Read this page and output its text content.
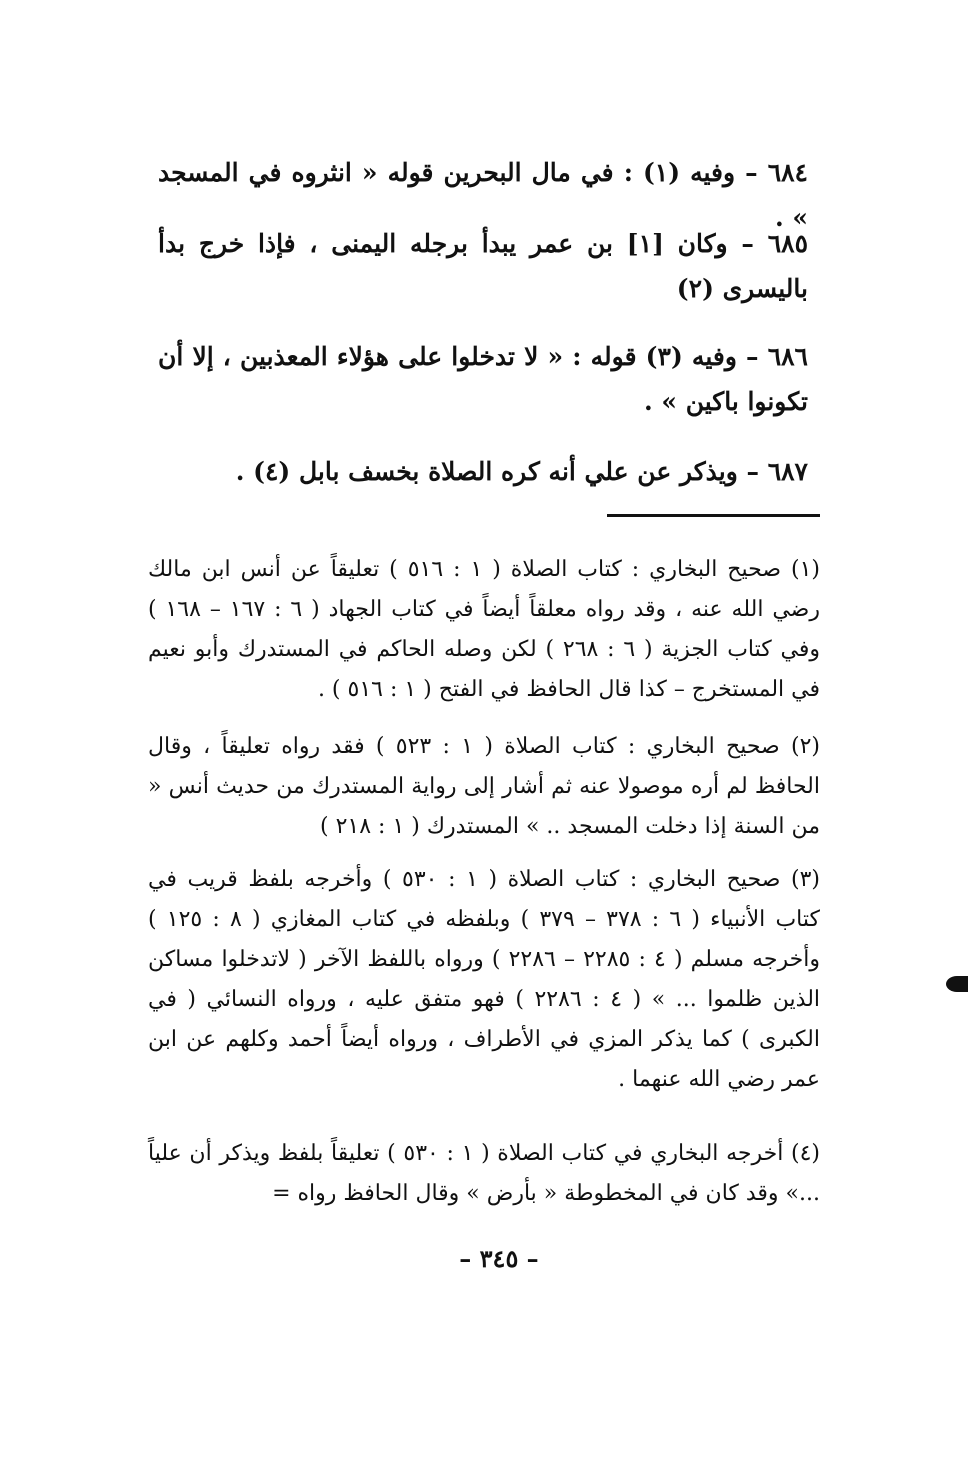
٦٨٤ – وفيه (١) : في مال البحرين قوله « انثروه في المسجد » .

٦٨٥ – وكان [١] بن عمر يبدأ برجله اليمنى ، فإذا خرج بدأ باليسرى (٢)

٦٨٦ – وفيه (٣) قوله : « لا تدخلوا على هؤلاء المعذبين ، إلا أن تكونوا باكين » .

٦٨٧ – ويذكر عن علي أنه كره الصلاة بخسف بابل (٤) .

(١) صحيح البخاري : كتاب الصلاة ( ١ : ٥١٦ ) تعليقاً عن أنس ابن مالك رضي الله عنه ، وقد رواه معلقاً أيضاً في كتاب الجهاد ( ٦ : ١٦٧ – ١٦٨ ) وفي كتاب الجزية ( ٦ : ٢٦٨ ) لكن وصله الحاكم في المستدرك وأبو نعيم في المستخرج – كذا قال الحافظ في الفتح ( ١ : ٥١٦ ) .

(٢) صحيح البخاري : كتاب الصلاة ( ١ : ٥٢٣ ) فقد رواه تعليقاً ، وقال الحافظ لم أره موصولا عنه ثم أشار إلى رواية المستدرك من حديث أنس « من السنة إذا دخلت المسجد .. » المستدرك ( ١ : ٢١٨ )

(٣) صحيح البخاري : كتاب الصلاة ( ١ : ٥٣٠ ) وأخرجه بلفظ قريب في كتاب الأنبياء ( ٦ : ٣٧٨ – ٣٧٩ ) وبلفظه في كتاب المغازي ( ٨ : ١٢٥ ) وأخرجه مسلم ( ٤ : ٢٢٨٥ – ٢٢٨٦ ) ورواه باللفظ الآخر ( لاتدخلوا مساكن الذين ظلموا ... » ( ٤ : ٢٢٨٦ ) فهو متفق عليه ، ورواه النسائي ( في الكبرى ) كما يذكر المزي في الأطراف ، ورواه أيضاً أحمد وكلهم عن ابن عمر رضي الله عنهما .

(٤) أخرجه البخاري في كتاب الصلاة ( ١ : ٥٣٠ ) تعليقاً بلفظ ويذكر أن علياً ...» وقد كان في المخطوطة « بأرض » وقال الحافظ رواه =

– ٣٤٥ –
